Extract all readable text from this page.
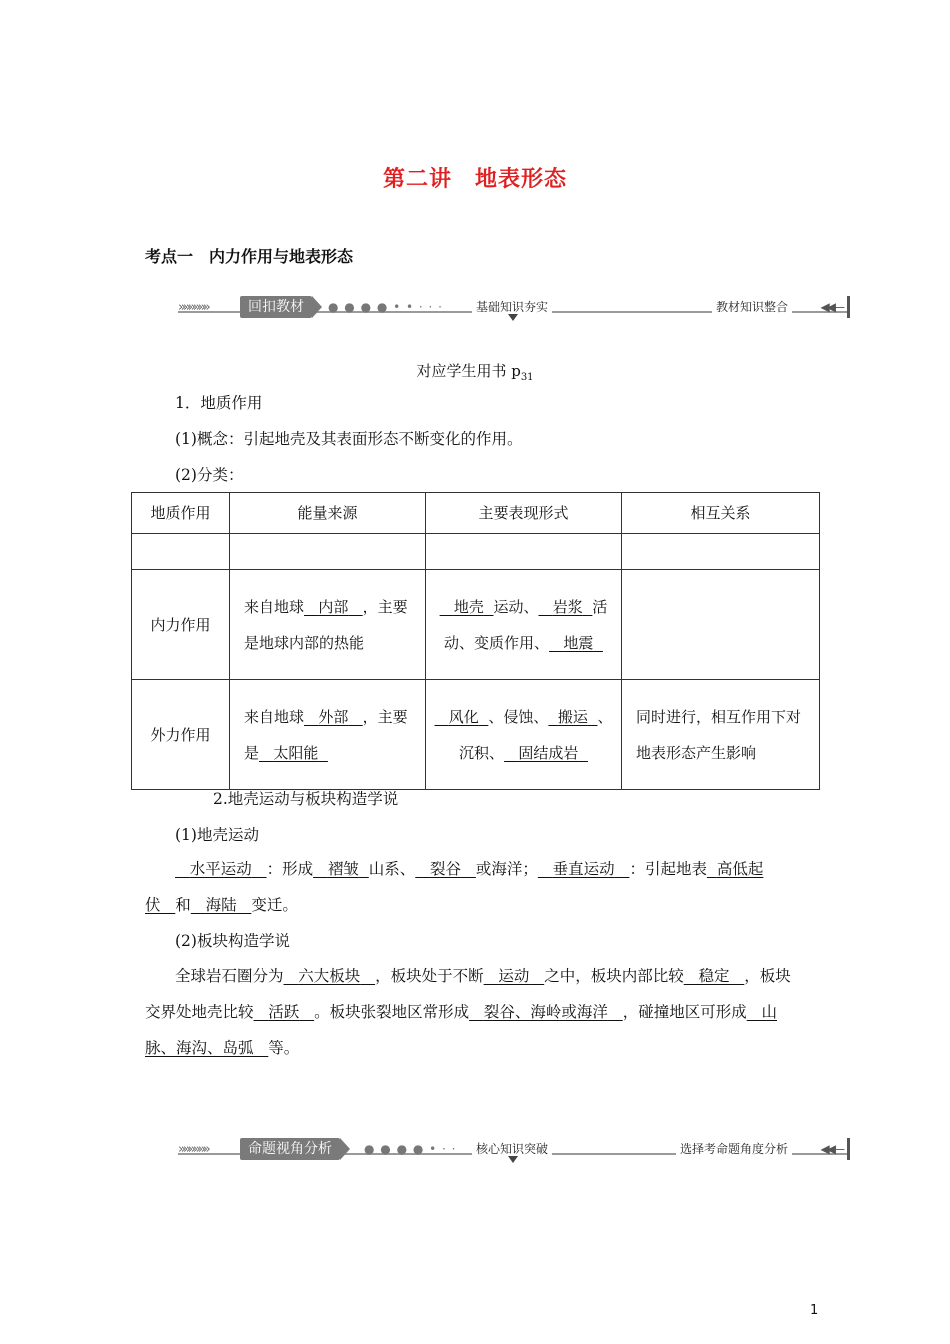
第二讲　地表形态
考点一　内力作用与地表形态
»»»»»»	回扣教材	● ● ● ● • • · · ·	基础知识夯实	教材知识整合	◀◀—
对应学生用书 $p_{31}$
1．地质作用
(1)概念：引起地壳及其表面形态不断变化的作用。
(2)分类：
地质作用	能量来源	主要表现形式	相互关系

内力作用	来自地球 内部 ，主要是地球内部的热能	地壳 运动、 岩浆 活动、变质作用、 地震	
外力作用	来自地球 外部 ，主要是 太阳能	风化 、侵蚀、 搬运 、沉积、 固结成岩	同时进行，相互作用下对地表形态产生影响
2.地壳运动与板块构造学说
(1)地壳运动
水平运动 ：形成 褶皱 山系、 裂谷 或海洋； 垂直运动 ：引起地表 高低起伏 和 海陆 变迁。
(2)板块构造学说
全球岩石圈分为 六大板块 ，板块处于不断 运动 之中，板块内部比较 稳定 ，板块交界处地壳比较 活跃 。板块张裂地区常形成 裂谷、海岭或海洋 ，碰撞地区可形成 山脉、海沟、岛弧 等。
»»»»»»	命题视角分析	● ● ● ● • · ·	核心知识突破	选择考命题角度分析	◀◀—
1
